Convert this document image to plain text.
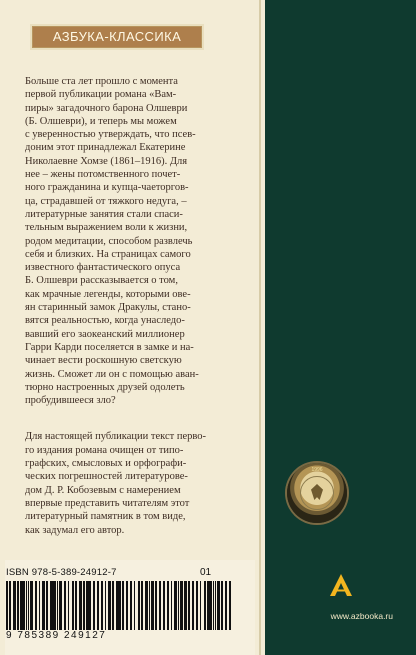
АЗБУКА-КЛАССИКА

Больше ста лет прошло с момента
первой публикации романа «Вам-
пиры» загадочного барона Олшеври
(Б. Олшеври), и теперь мы можем
с уверенностью утверждать, что псев-
доним этот принадлежал Екатерине
Николаевне Хомзе (1861–1916). Для
нее – жены потомственного почет-
ного гражданина и купца-чаеторгов-
ца, страдавшей от тяжкого недуга, –
литературные занятия стали спаси-
тельным выражением воли к жизни,
родом медитации, способом развлечь
себя и близких. На страницах самого
известного фантастического опуса
Б. Олшеври рассказывается о том,
как мрачные легенды, которыми ове-
ян старинный замок Дракулы, стано-
вятся реальностью, когда унаследо-
вавший его заокеанский миллионер
Гарри Карди поселяется в замке и на-
чинает вести роскошную светскую
жизнь. Сможет ли он с помощью аван-
тюрно настроенных друзей одолеть
пробудившееся зло?

Для настоящей публикации текст перво-
го издания романа очищен от типо-
графских, смысловых и орфографи-
ческих погрешностей литературове-
дом Д. Р. Кобозевым с намерением
впервые представить читателям этот
литературный памятник в том виде,
как задумал его автор.

ISBN 978-5-389-24912-7	01
9 785389 249127
1996
www.azbooka.ru
